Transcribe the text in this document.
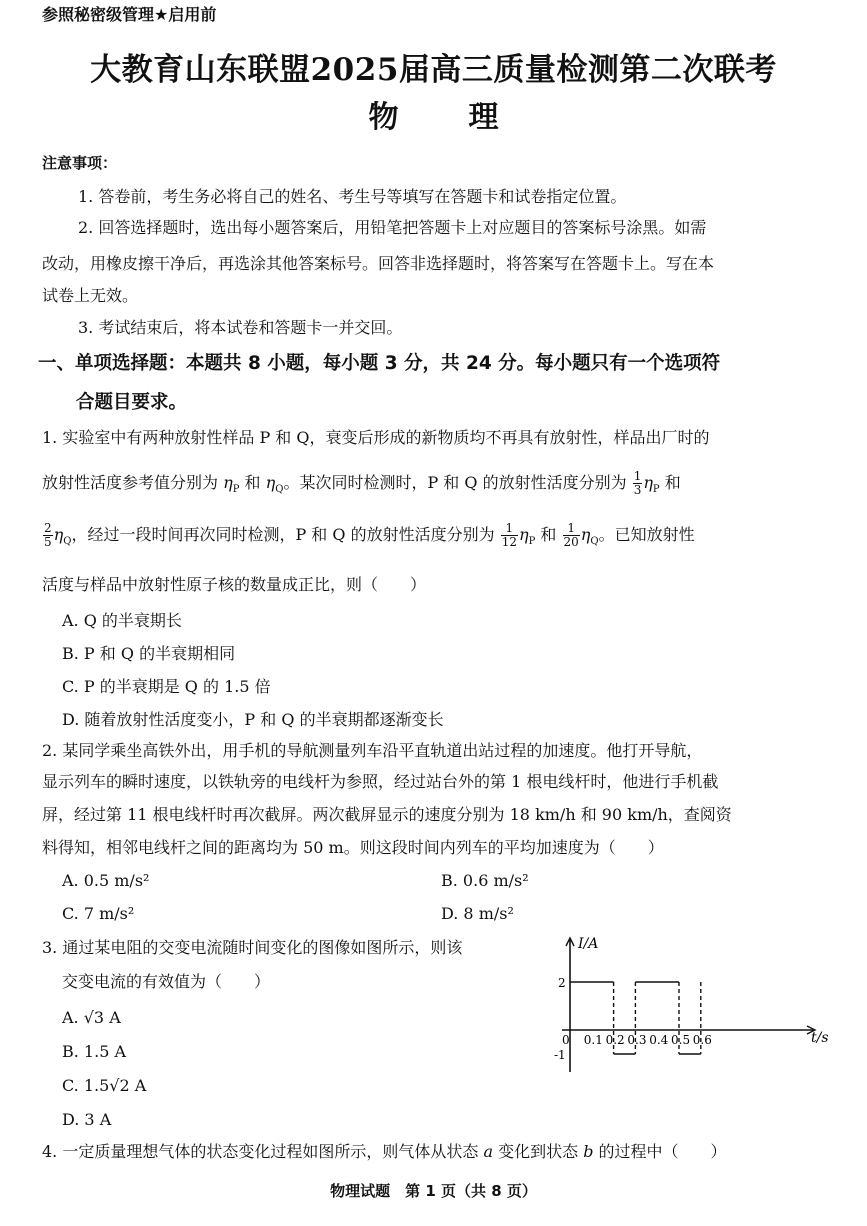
参照秘密级管理★启用前
大教育山东联盟2025届高三质量检测第二次联考
物 理
注意事项：
1. 答卷前，考生务必将自己的姓名、考生号等填写在答题卡和试卷指定位置。
2. 回答选择题时，选出每小题答案后，用铅笔把答题卡上对应题目的答案标号涂黑。如需
改动，用橡皮擦干净后，再选涂其他答案标号。回答非选择题时，将答案写在答题卡上。写在本
试卷上无效。
3. 考试结束后，将本试卷和答题卡一并交回。
一、单项选择题：本题共 8 小题，每小题 3 分，共 24 分。每小题只有一个选项符
合题目要求。
1. 实验室中有两种放射性样品 P 和 Q，衰变后形成的新物质均不再具有放射性，样品出厂时的
放射性活度参考值分别为 $\eta_P$ 和 $\eta_Q$。某次同时检测时，P 和 Q 的放射性活度分别为 $\frac{1}{3} \eta_P$ 和
$\frac{2}{5} \eta_Q$，经过一段时间再次同时检测，P 和 Q 的放射性活度分别为 $\frac{1}{12} \eta_P$ 和 $\frac{1}{20} \eta_Q$。已知放射性
活度与样品中放射性原子核的数量成正比，则（　　）
A. Q 的半衰期长
B. P 和 Q 的半衰期相同
C. P 的半衰期是 Q 的 1.5 倍
D. 随着放射性活度变小，P 和 Q 的半衰期都逐渐变长
2. 某同学乘坐高铁外出，用手机的导航测量列车沿平直轨道出站过程的加速度。他打开导航，
显示列车的瞬时速度，以铁轨旁的电线杆为参照，经过站台外的第 1 根电线杆时，他进行手机截
屏，经过第 11 根电线杆时再次截屏。两次截屏显示的速度分别为 18 km/h 和 90 km/h，查阅资
料得知，相邻电线杆之间的距离均为 50 m。则这段时间内列车的平均加速度为（　　）
A. 0.5 m/s²	B. 0.6 m/s²
C. 7 m/s²	D. 8 m/s²
3. 通过某电阻的交变电流随时间变化的图像如图所示，则该
交变电流的有效值为（　　）
A. √3 A
B. 1.5 A
C. 1.5√2 A
D. 3 A
0 0.1 0.2 0.3 0.4 0.5 0.6
2
-1
I/A
t/s
4. 一定质量理想气体的状态变化过程如图所示，则气体从状态 a 变化到状态 b 的过程中（　　）
物理试题　第 1 页（共 8 页）
